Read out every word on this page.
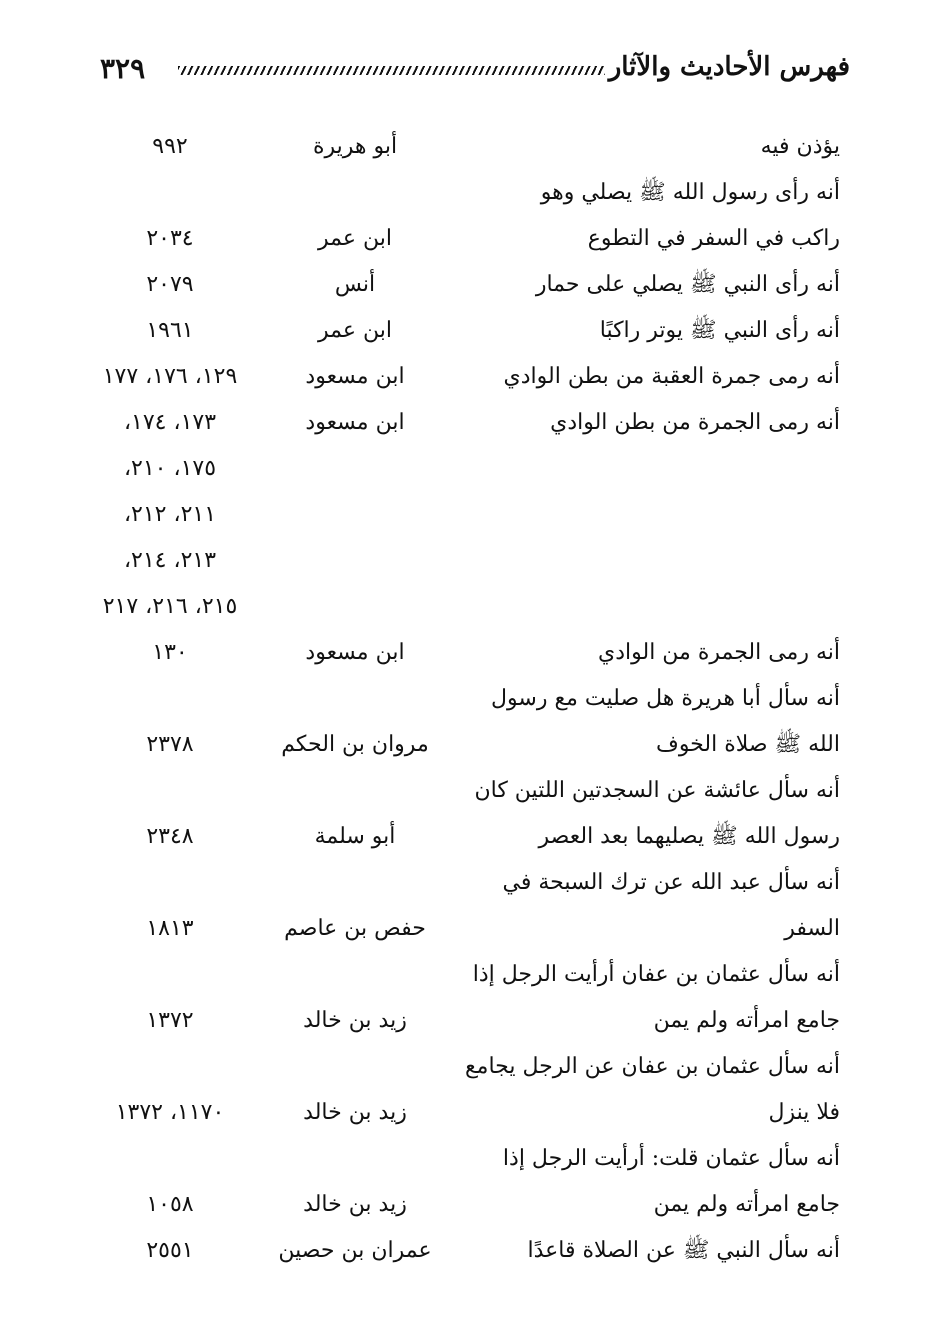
٣٢٩	فهرس الأحاديث والآثار
يؤذن فيه
أبو هريرة
٩٩٢
أنه رأى رسول الله ﷺ يصلي وهو
راكب في السفر في التطوع
ابن عمر
٢٠٣٤
أنه رأى النبي ﷺ يصلي على حمار
أنس
٢٠٧٩
أنه رأى النبي ﷺ يوتر راكبًا
ابن عمر
١٩٦١
أنه رمى جمرة العقبة من بطن الوادي
ابن مسعود
١٢٩، ١٧٦، ١٧٧
أنه رمى الجمرة من بطن الوادي
ابن مسعود
١٧٣، ١٧٤،
١٧٥، ٢١٠،
٢١١، ٢١٢،
٢١٣، ٢١٤،
٢١٥، ٢١٦، ٢١٧
أنه رمى الجمرة من الوادي
ابن مسعود
١٣٠
أنه سأل أبا هريرة هل صليت مع رسول
الله ﷺ صلاة الخوف
مروان بن الحكم
٢٣٧٨
أنه سأل عائشة عن السجدتين اللتين كان
رسول الله ﷺ يصليهما بعد العصر
أبو سلمة
٢٣٤٨
أنه سأل عبد الله عن ترك السبحة في
السفر
حفص بن عاصم
١٨١٣
أنه سأل عثمان بن عفان أرأيت الرجل إذا
جامع امرأته ولم يمن
زيد بن خالد
١٣٧٢
أنه سأل عثمان بن عفان عن الرجل يجامع
فلا ينزل
زيد بن خالد
١١٧٠، ١٣٧٢
أنه سأل عثمان قلت: أرأيت الرجل إذا
جامع امرأته ولم يمن
زيد بن خالد
١٠٥٨
أنه سأل النبي ﷺ عن الصلاة قاعدًا
عمران بن حصين
٢٥٥١
